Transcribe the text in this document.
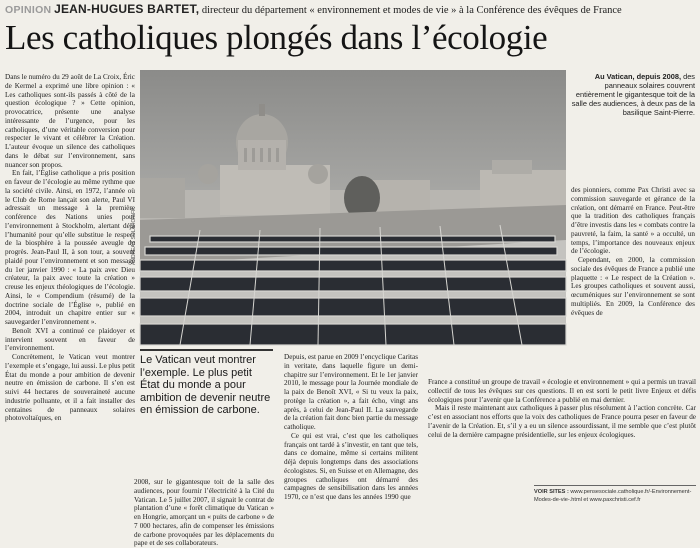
OPINION JEAN-HUGUES BARTET, directeur du département « environnement et modes de vie » à la Conférence des évêques de France
Les catholiques plongés dans l’écologie

Dans le numéro du 29 août de La Croix, Éric de Kermel a exprimé une libre opinion : « Les catholiques sont-ils passés à côté de la question écologique ? » Cette opinion, provocatrice, présente une analyse intéressante de l’urgence, pour les catholiques, d’une véritable conversion pour respecter le vivant et célébrer la Création. L’auteur évoque un silence des catholiques dans le débat sur l’environnement, sans nuancer son propos.

En fait, l’Église catholique a pris position en faveur de l’écologie au même rythme que la société civile. Ainsi, en 1972, l’année où le Club de Rome lançait son alerte, Paul VI adressait un message à la première conférence des Nations unies pour l’environnement à Stockholm, alertant déjà l’humanité pour qu’elle substitue le respect de la biosphère à la poussée aveugle du progrès. Jean-Paul II, à son tour, a souvent plaidé pour l’environnement et son message du 1er janvier 1990 : « La paix avec Dieu créateur, la paix avec toute la création » creuse les enjeux théologiques de l’écologie. Ainsi, le « Compendium (résumé) de la doctrine sociale de l’Église », publié en 2004, introduit un chapitre entier sur « sauvegarder l’environnement ».

Benoît XVI a continué ce plaidoyer et intervient souvent en faveur de l’environnement.

Concrètement, le Vatican veut montrer l’exemple et s’engage, lui aussi. Le plus petit État du monde a pour ambition de devenir neutre en émission de carbone. Il s’en est suivi 44 hectares de souveraineté aucune industrie polluante, et il a fait installer des centaines de panneaux solaires photovoltaïques, en

ANDREAS SOLARO/AFP
Au Vatican, depuis 2008, des panneaux solaires couvrent entièrement le gigantesque toit de la salle des audiences, à deux pas de la basilique Saint-Pierre.
Le Vatican veut montrer l’exemple. Le plus petit État du monde a pour ambition de devenir neutre en émission de carbone.

2008, sur le gigantesque toit de la salle des audiences, pour fournir l’électricité à la Cité du Vatican. Le 5 juillet 2007, il signait le contrat de plantation d’une « forêt climatique du Vatican » en Hongrie, amorçant un « puits de carbone » de 7 000 hectares, afin de compenser les émissions de carbone provoquées par les déplacements du pape et de ses collaborateurs.

Depuis, est parue en 2009 l’encyclique Caritas in veritate, dans laquelle figure un demi-chapitre sur l’environnement. Et le 1er janvier 2010, le message pour la Journée mondiale de la paix de Benoît XVI, « Si tu veux la paix, protège la création », a fait écho, vingt ans après, à celui de Jean-Paul II. La sauvegarde de la création fait donc bien partie du message catholique.

Ce qui est vrai, c’est que les catholiques français ont tardé à s’investir, en tant que tels, dans ce domaine, même si certains militent déjà depuis longtemps dans des associations écologistes. Si, en Suisse et en Allemagne, des groupes catholiques ont démarré des campagnes de sensibilisation dans les années 1970, ce n’est que dans les années 1990 que

des pionniers, comme Pax Christi avec sa commission sauvegarde et gérance de la création, ont démarré en France. Peut-être que la tradition des catholiques français d’être investis dans les « combats contre la pauvreté, la faim, la santé » a occulté, un temps, l’importance des nouveaux enjeux de l’écologie.

Cependant, en 2000, la commission sociale des évêques de France a publié une plaquette : « Le respect de la Création ». Les groupes catholiques et souvent aussi, œcuméniques sur l’environnement se sont multipliés. En 2009, la Conférence des évêques de

France a constitué un groupe de travail « écologie et environnement » qui a permis un travail collectif de tous les évêques sur ces questions. Il en est sorti le petit livre Enjeux et défis écologiques pour l’avenir que la Conférence a publié en mai dernier.

Mais il reste maintenant aux catholiques à passer plus résolument à l’action concrète. Car c’est en associant nos efforts que la voix des catholiques de France pourra peser en faveur de l’avenir de la Création. Et, s’il y a eu un silence assourdissant, il me semble que c’est plutôt celui de la dernière campagne présidentielle, sur les enjeux écologiques.

VOIR SITES : www.pensesociale.catholique.fr/-Environnement-Modes-de-vie-.html et www.paxchristi.cef.fr
